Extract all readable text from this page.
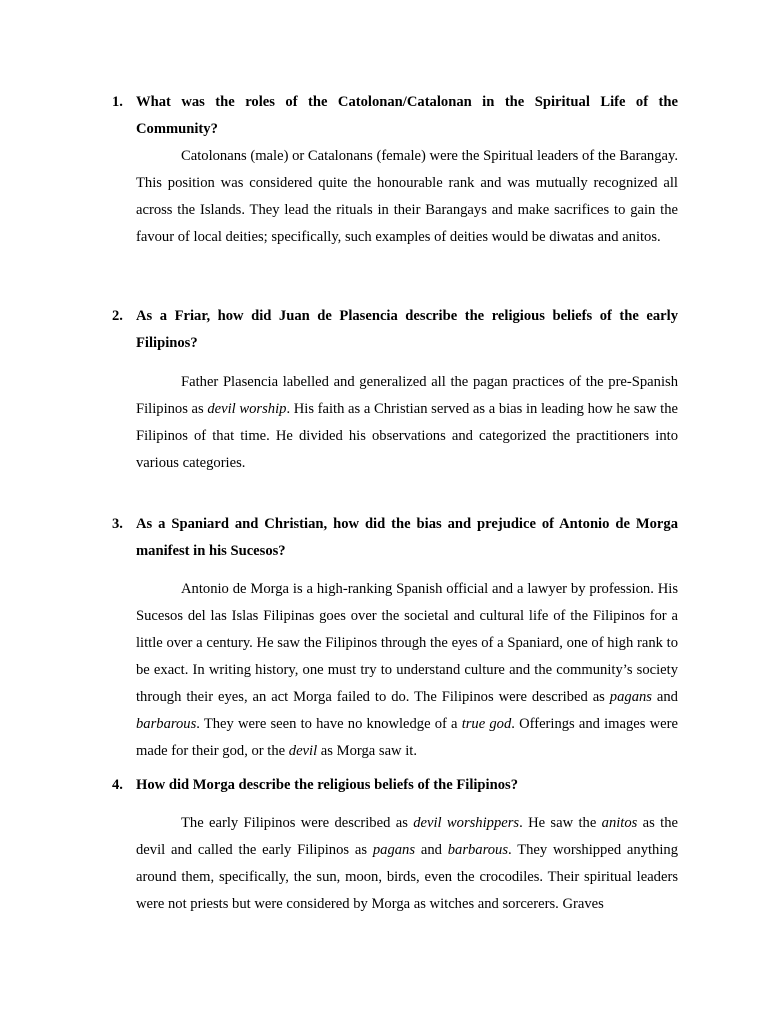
1. What was the roles of the Catolonan/Catalonan in the Spiritual Life of the Community?
Catolonans (male) or Catalonans (female) were the Spiritual leaders of the Barangay. This position was considered quite the honourable rank and was mutually recognized all across the Islands. They lead the rituals in their Barangays and make sacrifices to gain the favour of local deities; specifically, such examples of deities would be diwatas and anitos.
2. As a Friar, how did Juan de Plasencia describe the religious beliefs of the early Filipinos?
Father Plasencia labelled and generalized all the pagan practices of the pre-Spanish Filipinos as devil worship. His faith as a Christian served as a bias in leading how he saw the Filipinos of that time. He divided his observations and categorized the practitioners into various categories.
3. As a Spaniard and Christian, how did the bias and prejudice of Antonio de Morga manifest in his Sucesos?
Antonio de Morga is a high-ranking Spanish official and a lawyer by profession. His Sucesos del las Islas Filipinas goes over the societal and cultural life of the Filipinos for a little over a century. He saw the Filipinos through the eyes of a Spaniard, one of high rank to be exact. In writing history, one must try to understand culture and the community’s society through their eyes, an act Morga failed to do. The Filipinos were described as pagans and barbarous. They were seen to have no knowledge of a true god. Offerings and images were made for their god, or the devil as Morga saw it.
4. How did Morga describe the religious beliefs of the Filipinos?
The early Filipinos were described as devil worshippers. He saw the anitos as the devil and called the early Filipinos as pagans and barbarous. They worshipped anything around them, specifically, the sun, moon, birds, even the crocodiles. Their spiritual leaders were not priests but were considered by Morga as witches and sorcerers. Graves
